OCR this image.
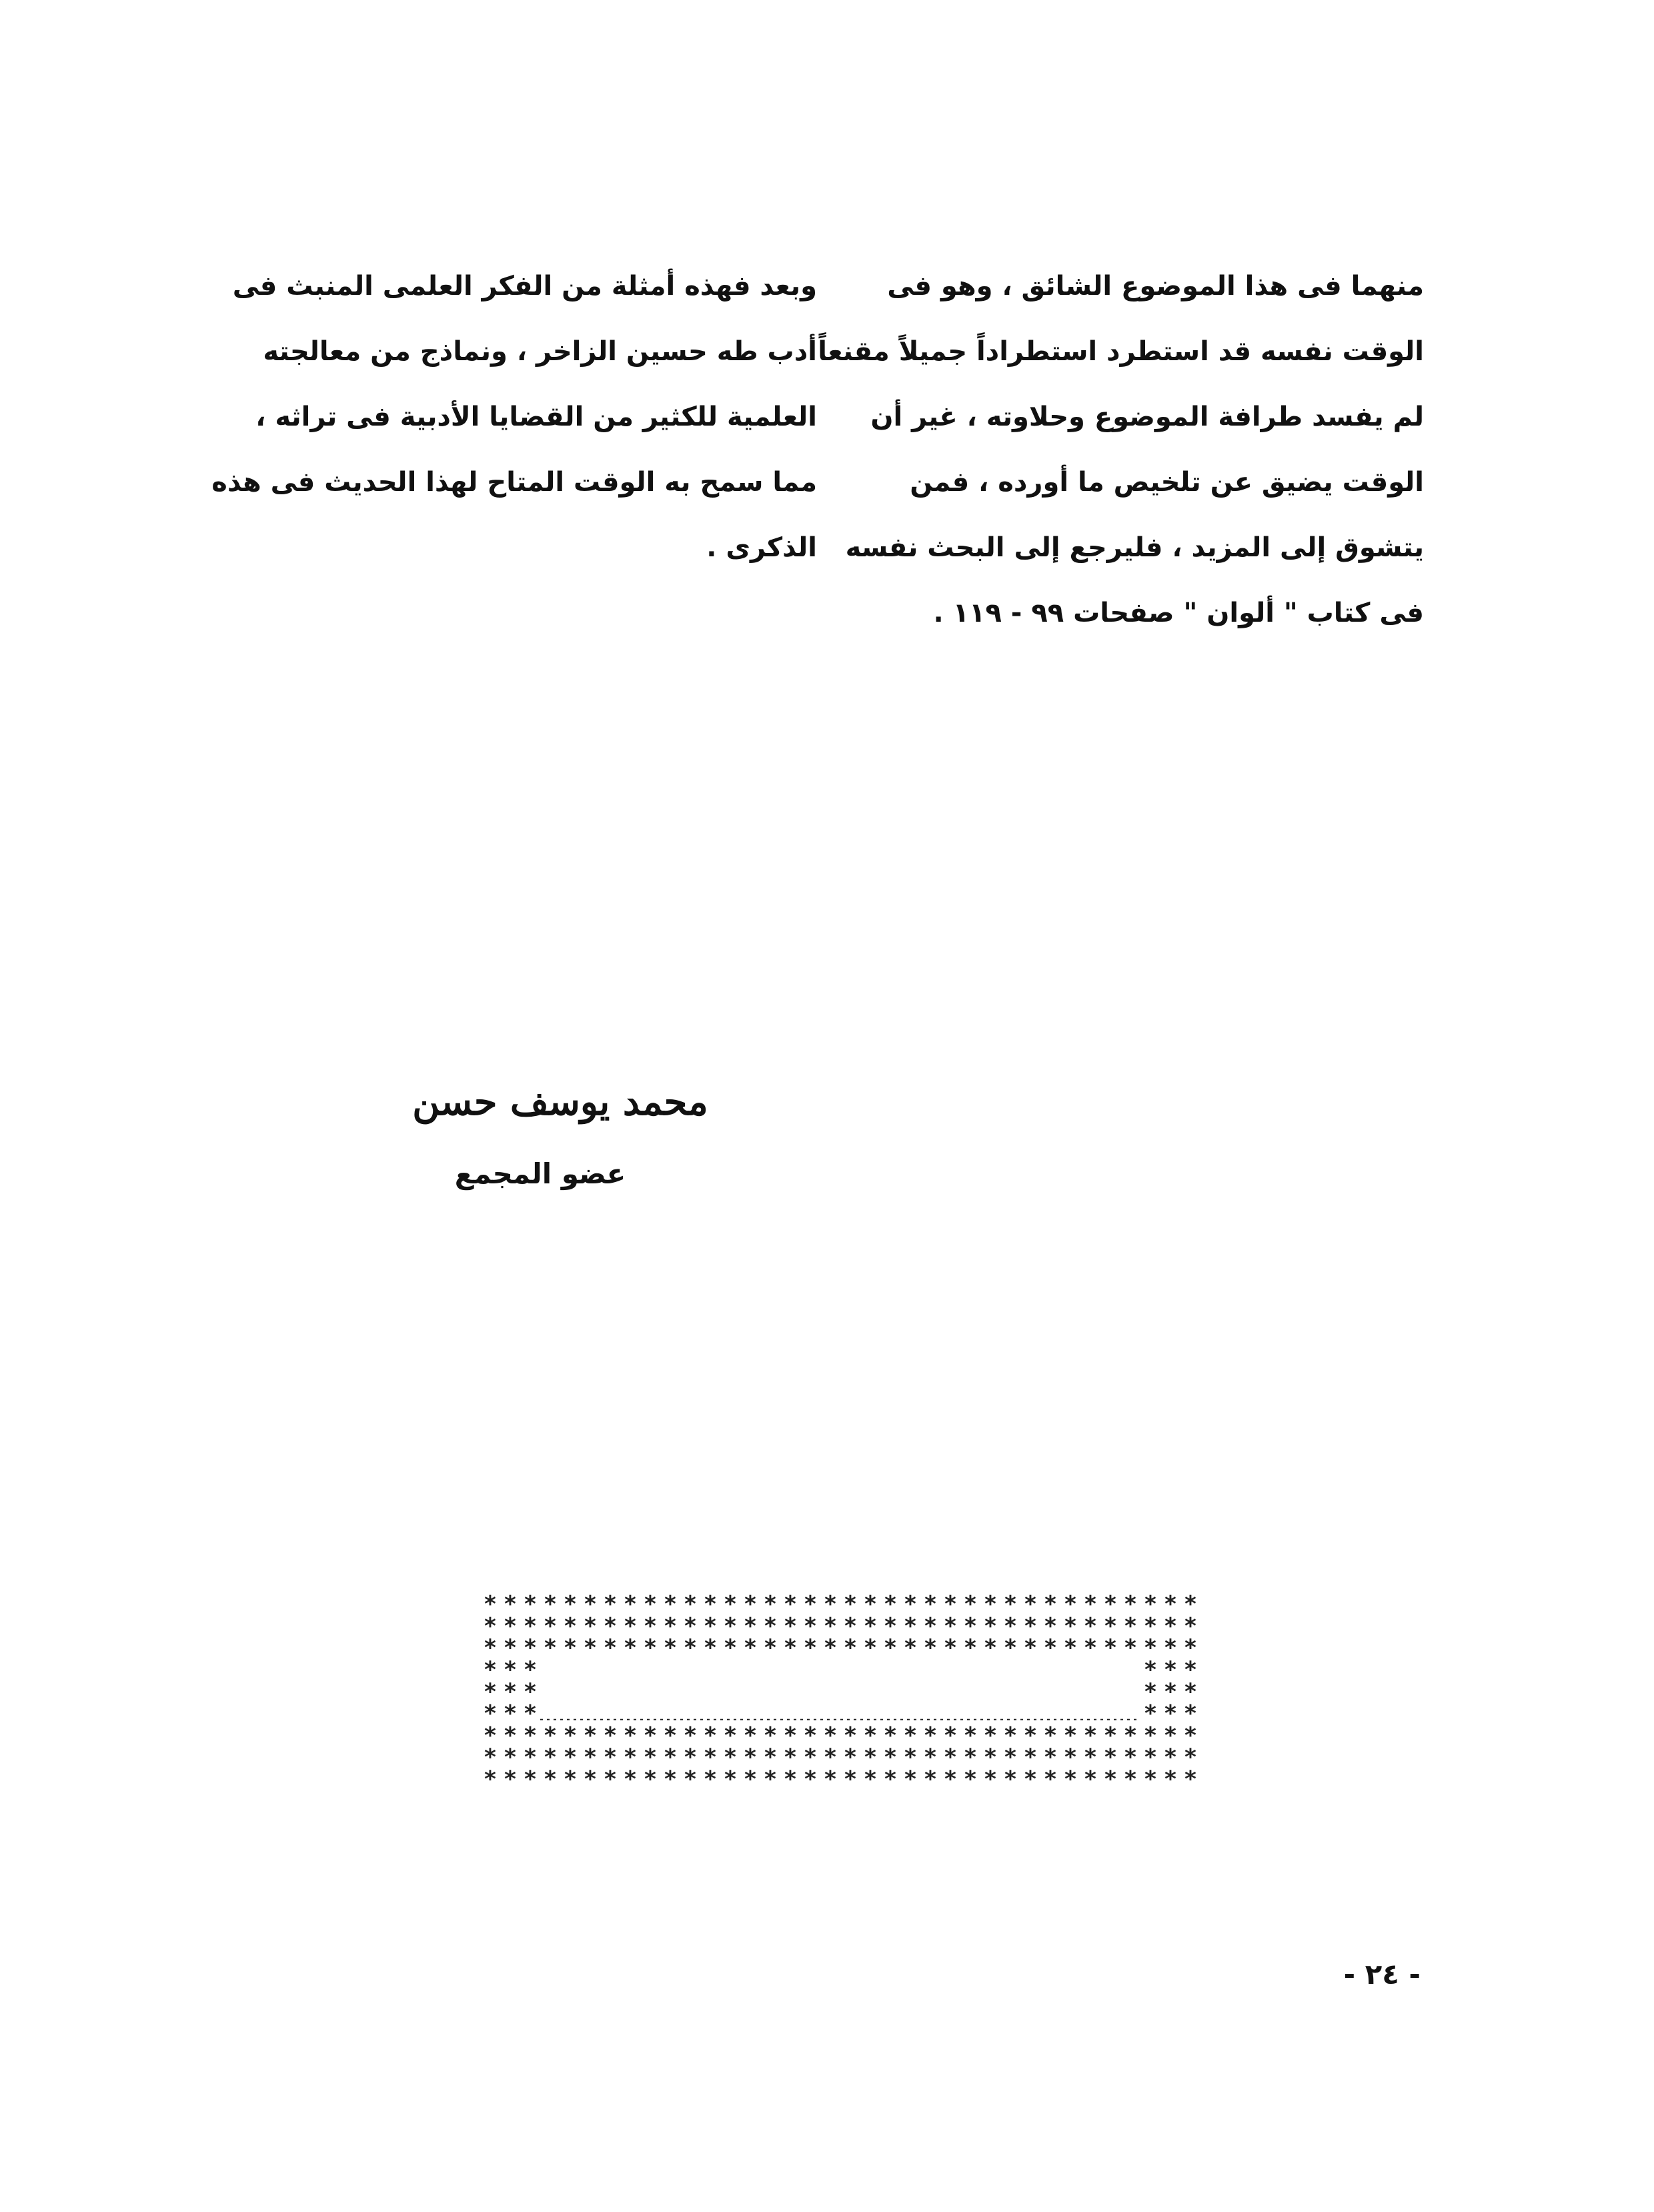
منهما فى هذا الموضوع الشائق ، وهو فى
الوقت نفسه قد استطرد استطراداً جميلاً مقنعاً
لم يفسد طرافة الموضوع وحلاوته ، غير أن
الوقت يضيق عن تلخيص ما أورده ، فمن
يتشوق إلى المزيد ، فليرجع إلى البحث نفسه
فى كتاب " ألوان " صفحات ٩٩ - ١١٩ .
وبعد فهذه أمثلة من الفكر العلمى المنبث فى
أدب طه حسين الزاخر ، ونماذج من معالجته
العلمية للكثير من القضايا الأدبية فى تراثه ،
مما سمح به الوقت المتاح لهذا الحديث فى هذه
الذكرى .
محمد يوسف حسن
عضو المجمع
* * * * * * * * * * * * * * * * * * * * * * * * * * * * * * * * * * * *
* * * * * * * * * * * * * * * * * * * * * * * * * * * * * * * * * * * *
* * * * * * * * * * * * * * * * * * * * * * * * * * * * * * * * * * * *
* * *	* * *
* * *	* * *
* * *	* * *
* * * * * * * * * * * * * * * * * * * * * * * * * * * * * * * * * * * *
* * * * * * * * * * * * * * * * * * * * * * * * * * * * * * * * * * * *
* * * * * * * * * * * * * * * * * * * * * * * * * * * * * * * * * * * *
- ٢٤ -
